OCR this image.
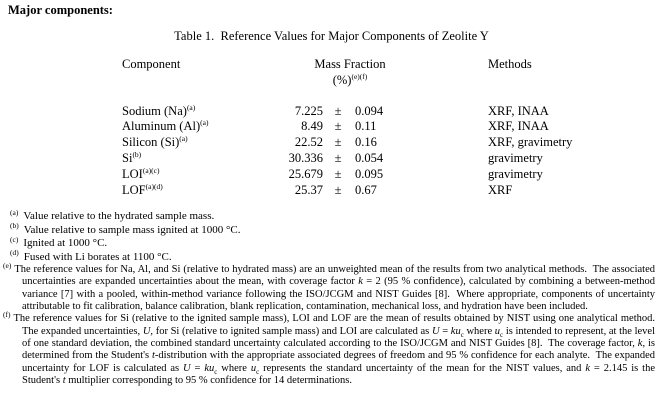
Major components:
Table 1.  Reference Values for Major Components of Zeolite Y
Component	Mass Fraction	Methods
(%)$^{(e)(f)}$
Sodium $(Na)^{(a)}$	7.225 ±	0.094	XRF, INAA
Aluminum $(Al)^{(a)}$	8.49 ±	0.11	XRF, INAA
Silicon $(Si)^{(a)}$	22.52 ±	0.16	XRF, gravimetry
Si$^{(b)}$	30.336 ±	0.054	gravimetry
$LOI^{(a)(c)}$	25.679 ±	0.095	gravimetry
$LOF^{(a)(d)}$	25.37 ±	0.67	XRF
$^{(a)}$ Value relative to the hydrated sample mass.
$^{(b)}$ Value relative to sample mass ignited at 1000 °C.
$^{(c)}$ Ignited at 1000 °C.
$^{(d)}$ Fused with Li borates at 1100 °C.
$^{(e)}$ The reference values for Na, Al, and Si (relative to hydrated mass) are an unweighted mean of the results from two analytical methods.  The associated uncertainties are expanded uncertainties about the mean, with coverage factor k = 2 (95 % confidence), calculated by combining a between-method variance [7] with a pooled, within-method variance following the ISO/JCGM and NIST Guides [8].  Where appropriate, components of uncertainty attributable to fit calibration, balance calibration, blank replication, contamination, mechanical loss, and hydration have been included.
$^{(f)}$ The reference values for Si (relative to the ignited sample mass), LOI and LOF are the mean of results obtained by NIST using one analytical method.  The expanded uncertainties, U, for Si (relative to ignited sample mass) and LOI are calculated as $U = ku_c$ where $u_c$ is intended to represent, at the level of one standard deviation, the combined standard uncertainty calculated according to the ISO/JCGM and NIST Guides [8].  The coverage factor, k, is determined from the Student's t-distribution with the appropriate associated degrees of freedom and 95 % confidence for each analyte.  The expanded uncertainty for LOF is calculated as $U = ku_c$ where $u_c$ represents the standard uncertainty of the mean for the NIST values, and k = 2.145 is the Student's t multiplier corresponding to 95 % confidence for 14 determinations.
